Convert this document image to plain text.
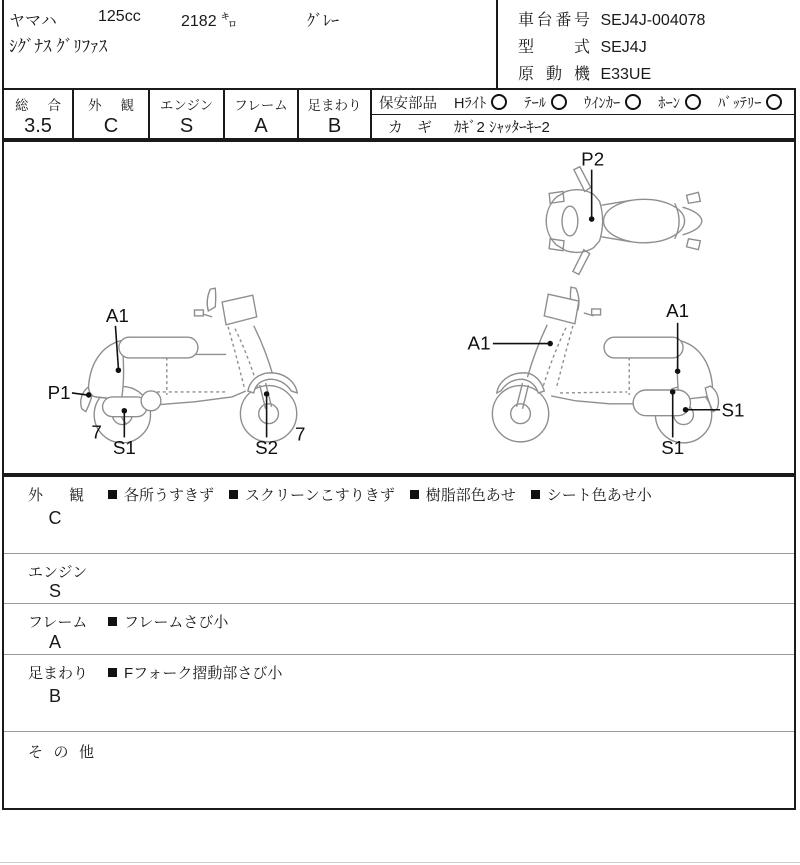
ヤマハ	125cc	2182 ㌔	ｸﾞﾚｰ
ｼｸﾞﾅｽ ｸﾞﾘﾌｧｽ
車台番号 SEJ4J-004078
型式 SEJ4J
原動機 E33UE
総合
3.5
外観
C
エンジン
S
フレーム
A
足まわり
B
保安部品 Hﾗｲﾄ	ﾃｰﾙ	ｳｲﾝｶｰ	ﾎｰﾝ	ﾊﾞｯﾃﾘｰ
カギ ｶｷﾞ2 ｼｬｯﾀｰｷｰ2
P2
A1
P1
7
S1	S2
7
A1
A1
S1
S1
外観
C
各所うすきず スクリーンこすりきず 樹脂部色あせ シート色あせ小
エンジン
S
フレーム
A
フレームさび小
足まわり
B
Fフォーク摺動部さび小
その他
